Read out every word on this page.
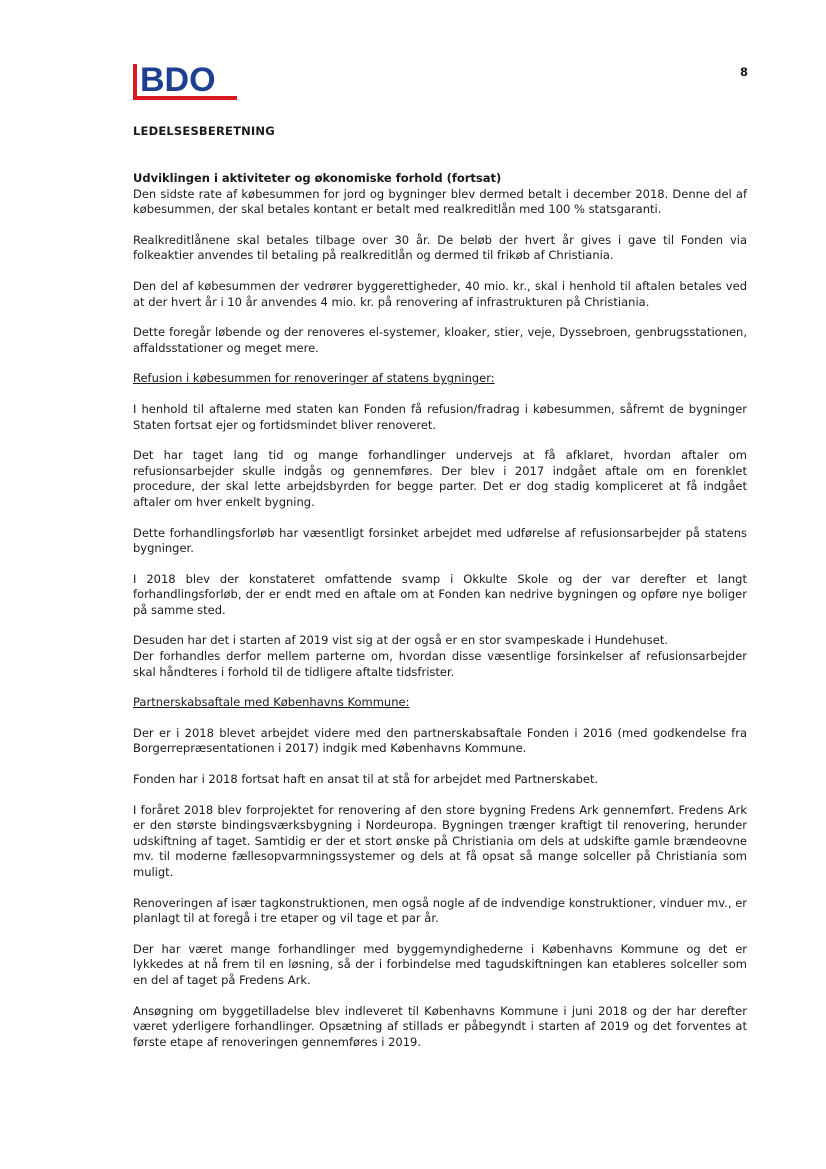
BDO	8
LEDELSESBERETNING
Udviklingen i aktiviteter og økonomiske forhold (fortsat)

Den sidste rate af købesummen for jord og bygninger blev dermed betalt i december 2018. Denne del af købesummen, der skal betales kontant er betalt med realkreditlån med 100 % statsgaranti.

Realkreditlånene skal betales tilbage over 30 år. De beløb der hvert år gives i gave til Fonden via folkeaktier anvendes til betaling på realkreditlån og dermed til frikøb af Christiania.

Den del af købesummen der vedrører byggerettigheder, 40 mio. kr., skal i henhold til aftalen betales ved at der hvert år i 10 år anvendes 4 mio. kr. på renovering af infrastrukturen på Christiania.

Dette foregår løbende og der renoveres el-systemer, kloaker, stier, veje, Dyssebroen, genbrugsstationen, affaldsstationer og meget mere.

Refusion i købesummen for renoveringer af statens bygninger:

I henhold til aftalerne med staten kan Fonden få refusion/fradrag i købesummen, såfremt de bygninger Staten fortsat ejer og fortidsmindet bliver renoveret.

Det har taget lang tid og mange forhandlinger undervejs at få afklaret, hvordan aftaler om refusionsarbejder skulle indgås og gennemføres. Der blev i 2017 indgået aftale om en forenklet procedure, der skal lette arbejdsbyrden for begge parter. Det er dog stadig kompliceret at få indgået aftaler om hver enkelt bygning.

Dette forhandlingsforløb har væsentligt forsinket arbejdet med udførelse af refusionsarbejder på statens bygninger.

I 2018 blev der konstateret omfattende svamp i Okkulte Skole og der var derefter et langt forhandlingsforløb, der er endt med en aftale om at Fonden kan nedrive bygningen og opføre nye boliger på samme sted.

Desuden har det i starten af 2019 vist sig at der også er en stor svampeskade i Hundehuset.

Der forhandles derfor mellem parterne om, hvordan disse væsentlige forsinkelser af refusionsarbejder skal håndteres i forhold til de tidligere aftalte tidsfrister.

Partnerskabsaftale med Københavns Kommune:

Der er i 2018 blevet arbejdet videre med den partnerskabsaftale Fonden i 2016 (med godkendelse fra Borgerrepræsentationen i 2017) indgik med Københavns Kommune.

Fonden har i 2018 fortsat haft en ansat til at stå for arbejdet med Partnerskabet.

I foråret 2018 blev forprojektet for renovering af den store bygning Fredens Ark gennemført. Fredens Ark er den største bindingsværksbygning i Nordeuropa. Bygningen trænger kraftigt til renovering, herunder udskiftning af taget. Samtidig er der et stort ønske på Christiania om dels at udskifte gamle brændeovne mv. til moderne fællesopvarmningssystemer og dels at få opsat så mange solceller på Christiania som muligt.

Renoveringen af især tagkonstruktionen, men også nogle af de indvendige konstruktioner, vinduer mv., er planlagt til at foregå i tre etaper og vil tage et par år.

Der har været mange forhandlinger med byggemyndighederne i Københavns Kommune og det er lykkedes at nå frem til en løsning, så der i forbindelse med tagudskiftningen kan etableres solceller som en del af taget på Fredens Ark.

Ansøgning om byggetilladelse blev indleveret til Københavns Kommune i juni 2018 og der har derefter været yderligere forhandlinger. Opsætning af stillads er påbegyndt i starten af 2019 og det forventes at første etape af renoveringen gennemføres i 2019.
